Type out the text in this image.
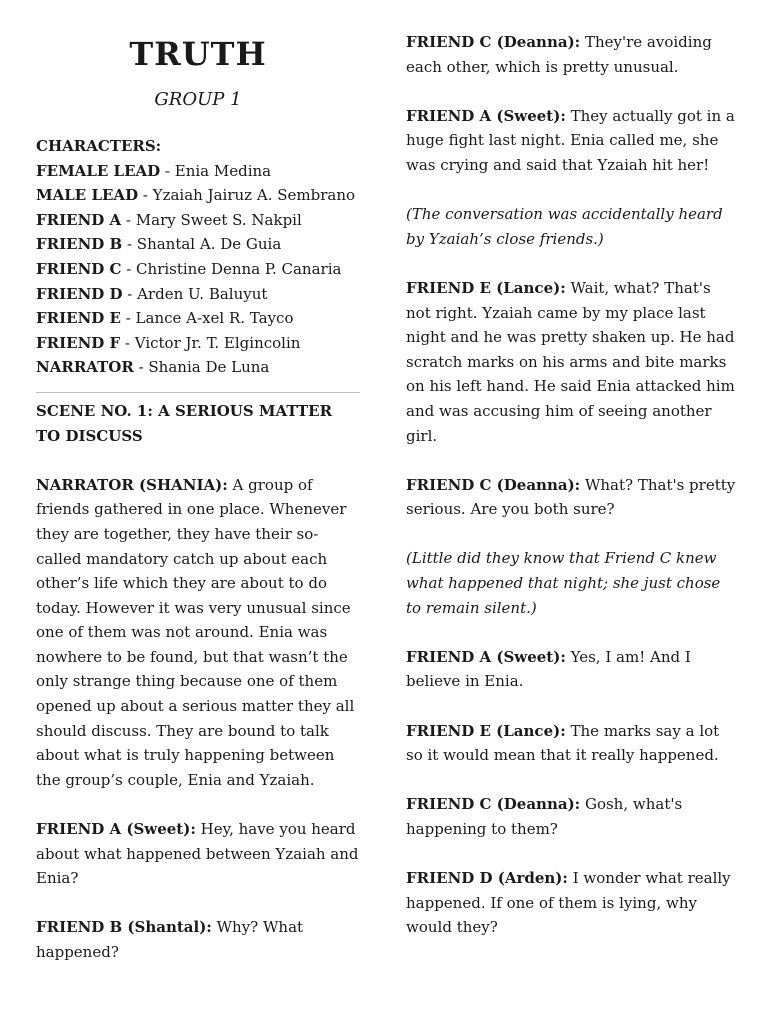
TRUTH
GROUP 1
CHARACTERS:
FEMALE LEAD - Enia Medina
MALE LEAD - Yzaiah Jairuz A. Sembrano
FRIEND A - Mary Sweet S. Nakpil
FRIEND B - Shantal A. De Guia
FRIEND C - Christine Denna P. Canaria
FRIEND D - Arden U. Baluyut
FRIEND E - Lance A-xel R. Tayco
FRIEND F - Victor Jr. T. Elgincolin
NARRATOR - Shania De Luna

SCENE NO. 1: A SERIOUS MATTER TO DISCUSS

NARRATOR (SHANIA): A group of friends gathered in one place. Whenever they are together, they have their so-called mandatory catch up about each other’s life which they are about to do today. However it was very unusual since one of them was not around. Enia was nowhere to be found, but that wasn’t the only strange thing because one of them opened up about a serious matter they all should discuss. They are bound to talk about what is truly happening between the group’s couple, Enia and Yzaiah.

FRIEND A (Sweet): Hey, have you heard about what happened between Yzaiah and Enia?

FRIEND B (Shantal): Why? What happened?

FRIEND C (Deanna): They're avoiding each other, which is pretty unusual.

FRIEND A (Sweet): They actually got in a huge fight last night. Enia called me, she was crying and said that Yzaiah hit her!

(The conversation was accidentally heard by Yzaiah’s close friends.)

FRIEND E (Lance): Wait, what? That's not right. Yzaiah came by my place last night and he was pretty shaken up. He had scratch marks on his arms and bite marks on his left hand. He said Enia attacked him and was accusing him of seeing another girl.

FRIEND C (Deanna): What? That's pretty serious. Are you both sure?

(Little did they know that Friend C knew what happened that night; she just chose to remain silent.)

FRIEND A (Sweet): Yes, I am! And I believe in Enia.

FRIEND E (Lance): The marks say a lot so it would mean that it really happened.

FRIEND C (Deanna): Gosh, what's happening to them?

FRIEND D (Arden): I wonder what really happened. If one of them is lying, why would they?
